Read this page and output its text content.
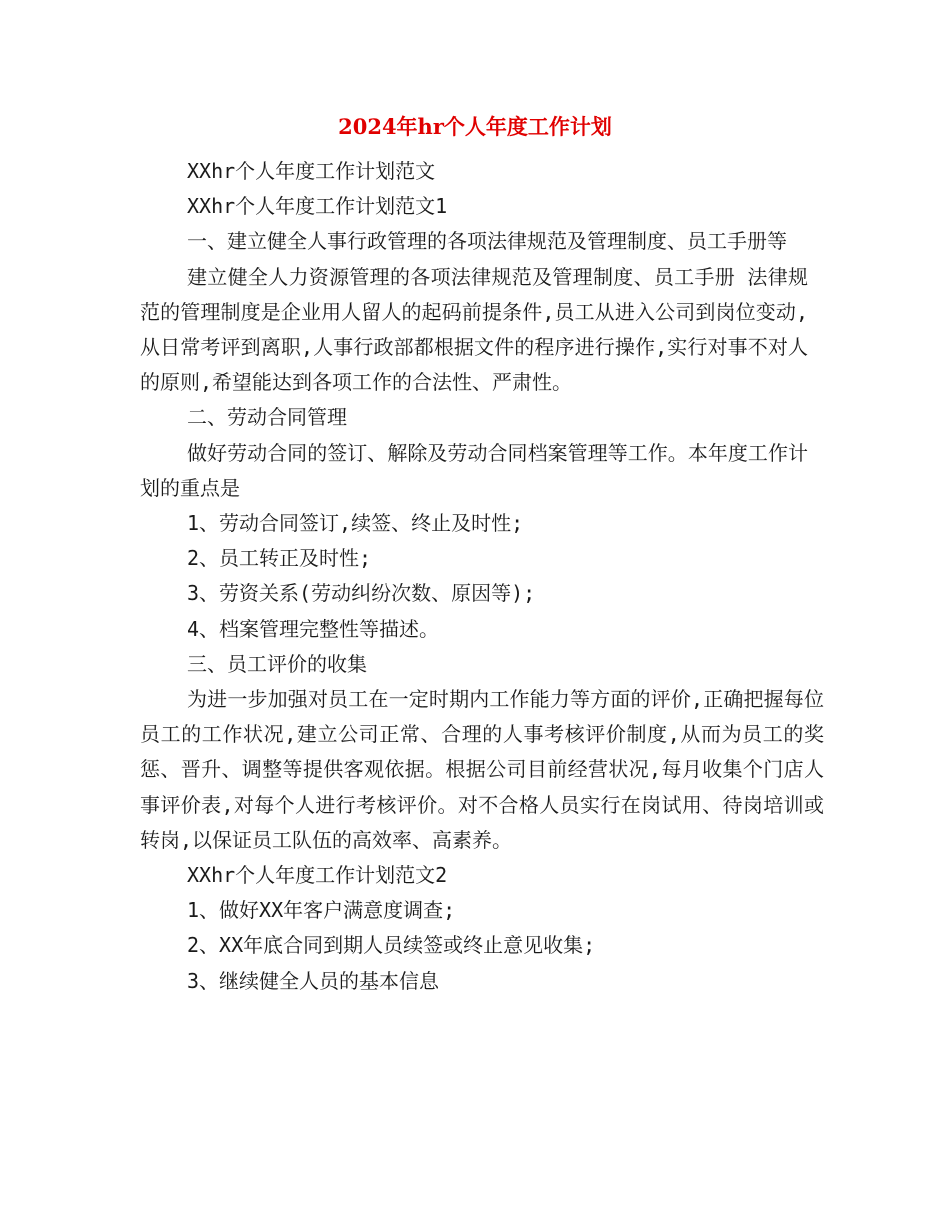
2024年hr个人年度工作计划

XXhr个人年度工作计划范文

XXhr个人年度工作计划范文1

一、建立健全人事行政管理的各项法律规范及管理制度、员工手册等

建立健全人力资源管理的各项法律规范及管理制度、员工手册 法律规范的管理制度是企业用人留人的起码前提条件,员工从进入公司到岗位变动,从日常考评到离职,人事行政部都根据文件的程序进行操作,实行对事不对人的原则,希望能达到各项工作的合法性、严肃性。

二、劳动合同管理

做好劳动合同的签订、解除及劳动合同档案管理等工作。本年度工作计划的重点是

1、劳动合同签订,续签、终止及时性;

2、员工转正及时性;

3、劳资关系(劳动纠纷次数、原因等);

4、档案管理完整性等描述。

三、员工评价的收集

为进一步加强对员工在一定时期内工作能力等方面的评价,正确把握每位员工的工作状况,建立公司正常、合理的人事考核评价制度,从而为员工的奖惩、晋升、调整等提供客观依据。根据公司目前经营状况,每月收集个门店人事评价表,对每个人进行考核评价。对不合格人员实行在岗试用、待岗培训或转岗,以保证员工队伍的高效率、高素养。

XXhr个人年度工作计划范文2

1、做好XX年客户满意度调查;

2、XX年底合同到期人员续签或终止意见收集;

3、继续健全人员的基本信息
